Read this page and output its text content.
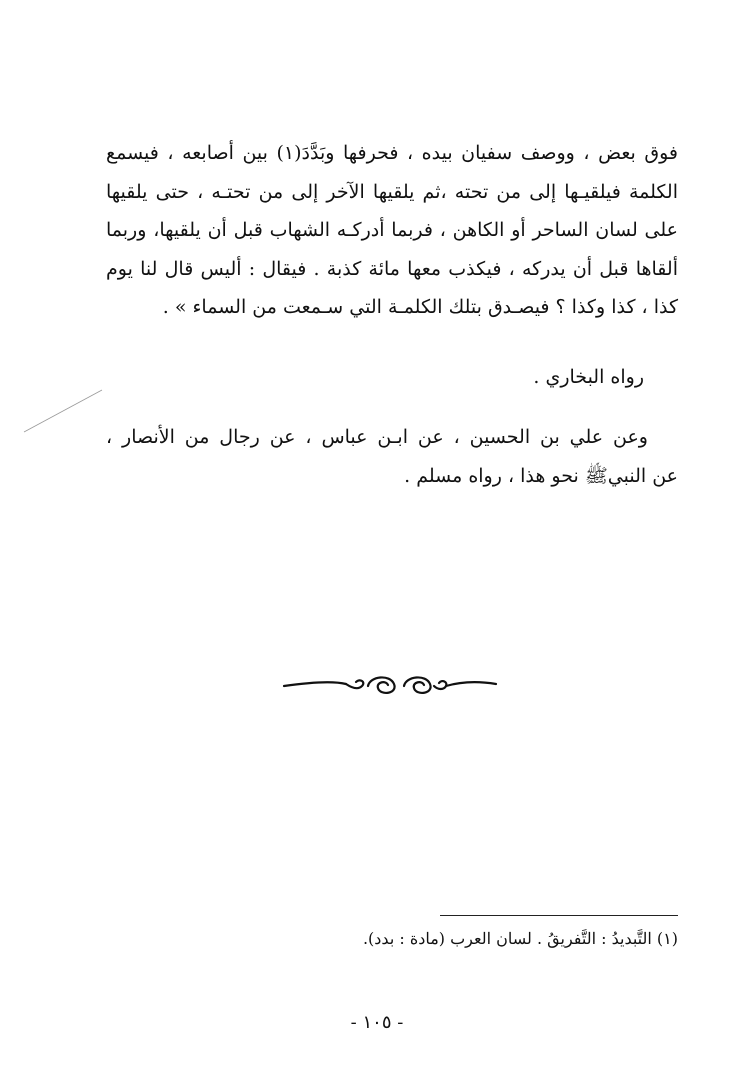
فوق بعض ، ووصف سفيان بيده ، فحرفها وبَدَّدَ(١) بين أصابعه ، فيسمع الكلمة فيلقيـها إلى من تحته ،ثم يلقيها الآخر إلى من تحتـه ، حتى يلقيها على لسان الساحر أو الكاهن ، فربما أدركـه الشهاب قبل أن يلقيها، وربما ألقاها قبل أن يدركه ، فيكذب معها مائة كذبة . فيقال : أليس قال لنا يوم كذا ، كذا وكذا ؟ فيصـدق بتلك الكلمـة التي سـمعت من السماء » .

رواه البخاري .
وعن علي بن الحسين ، عن ابـن عباس ، عن رجال من الأنصار ،
عن النبيﷺ نحو هذا ، رواه مسلم .
(١) التَّبديدُ : التَّفريقُ . لسان العرب (مادة : بدد).
- ١٠٥ -
